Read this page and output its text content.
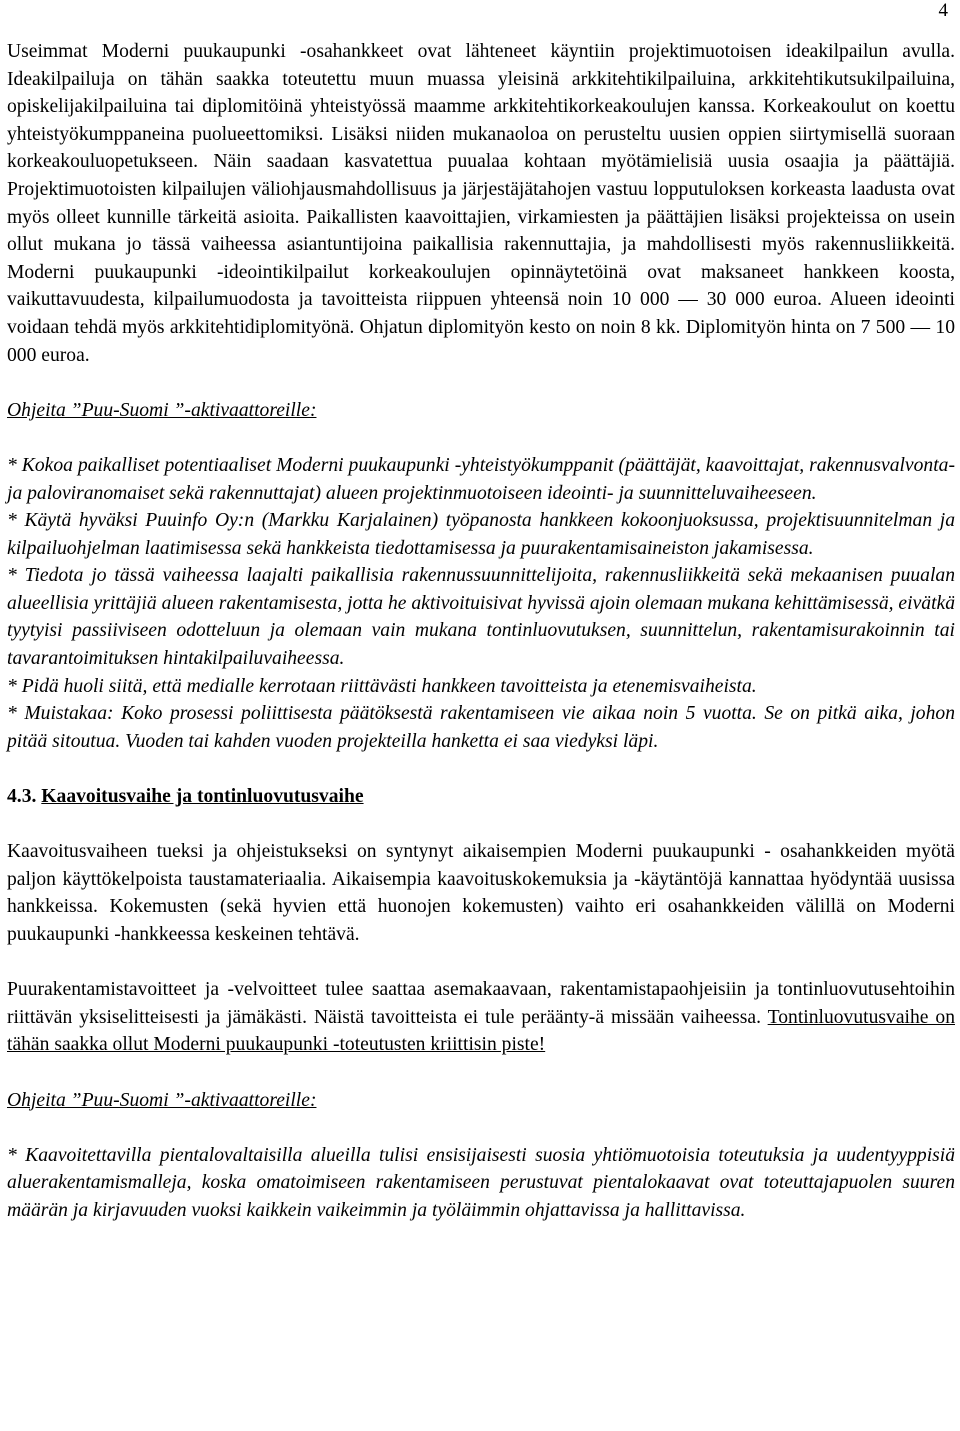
4

Useimmat Moderni puukaupunki -osahankkeet ovat lähteneet käyntiin projektimuotoisen ideakilpailun avulla. Ideakilpailuja on tähän saakka toteutettu muun muassa yleisinä arkkitehtikilpailuina, arkkitehtikutsukilpailuina, opiskelijakilpailuina tai diplomitöinä yhteistyössä maamme arkkitehtikorkeakoulujen kanssa. Korkeakoulut on koettu yhteistyökumppaneina puolueettomiksi. Lisäksi niiden mukanaoloa on perusteltu uusien oppien siirtymisellä suoraan korkeakouluopetukseen. Näin saadaan kasvatettua puualaa kohtaan myötämielisiä uusia osaajia ja päättäjiä. Projektimuotoisten kilpailujen väliohjausmahdollisuus ja järjestäjätahojen vastuu lopputuloksen korkeasta laadusta ovat myös olleet kunnille tärkeitä asioita. Paikallisten kaavoittajien, virkamiesten ja päättäjien lisäksi projekteissa on usein ollut mukana jo tässä vaiheessa asiantuntijoina paikallisia rakennuttajia, ja mahdollisesti myös rakennusliikkeitä. Moderni puukaupunki -ideointikilpailut korkeakoulujen opinnäytetöinä ovat maksaneet hankkeen koosta, vaikuttavuudesta, kilpailumuodosta ja tavoitteista riippuen yhteensä noin 10 000 — 30 000 euroa. Alueen ideointi voidaan tehdä myös arkkitehtidiplomityönä. Ohjatun diplomityön kesto on noin 8 kk. Diplomityön hinta on 7 500 — 10 000 euroa.

Ohjeita ”Puu-Suomi ”-aktivaattoreille:

* Kokoa paikalliset potentiaaliset Moderni puukaupunki -yhteistyökumppanit (päättäjät, kaavoittajat, rakennusvalvonta- ja paloviranomaiset sekä rakennuttajat) alueen projektinmuotoiseen ideointi- ja suunnitteluvaiheeseen.

* Käytä hyväksi Puuinfo Oy:n (Markku Karjalainen) työpanosta hankkeen kokoonjuoksussa, projektisuunnitelman ja kilpailuohjelman laatimisessa sekä hankkeista tiedottamisessa ja puurakentamisaineiston jakamisessa.

* Tiedota jo tässä vaiheessa laajalti paikallisia rakennussuunnittelijoita, rakennusliikkeitä sekä mekaanisen puualan alueellisia yrittäjiä alueen rakentamisesta, jotta he aktivoituisivat hyvissä ajoin olemaan mukana kehittämisessä, eivätkä tyytyisi passiiviseen odotteluun ja olemaan vain mukana tontinluovutuksen, suunnittelun, rakentamisurakoinnin tai tavarantoimituksen hintakilpailuvaiheessa.

* Pidä huoli siitä, että medialle kerrotaan riittävästi hankkeen tavoitteista ja etenemisvaiheista.

* Muistakaa: Koko prosessi poliittisesta päätöksestä rakentamiseen vie aikaa noin 5 vuotta. Se on pitkä aika, johon pitää sitoutua. Vuoden tai kahden vuoden projekteilla hanketta ei saa viedyksi läpi.

4.3. Kaavoitusvaihe ja tontinluovutusvaihe

Kaavoitusvaiheen tueksi ja ohjeistukseksi on syntynyt aikaisempien Moderni puukaupunki - osahankkeiden myötä paljon käyttökelpoista taustamateriaalia. Aikaisempia kaavoituskokemuksia ja -käytäntöjä kannattaa hyödyntää uusissa hankkeissa. Kokemusten (sekä hyvien että huonojen kokemusten) vaihto eri osahankkeiden välillä on Moderni puukaupunki -hankkeessa keskeinen tehtävä.

Puurakentamistavoitteet ja -velvoitteet tulee saattaa asemakaavaan, rakentamistapaohjeisiin ja tontinluovutusehtoihin riittävän yksiselitteisesti ja jämäkästi. Näistä tavoitteista ei tule peräänty-ä missään vaiheessa. Tontinluovutusvaihe on tähän saakka ollut Moderni puukaupunki -toteutusten kriittisin piste!

Ohjeita ”Puu-Suomi ”-aktivaattoreille:

* Kaavoitettavilla pientalovaltaisilla alueilla tulisi ensisijaisesti suosia yhtiömuotoisia toteutuksia ja uudentyyppisiä aluerakentamismalleja, koska omatoimiseen rakentamiseen perustuvat pientalokaavat ovat toteuttajapuolen suuren määrän ja kirjavuuden vuoksi kaikkein vaikeimmin ja työläimmin ohjattavissa ja hallittavissa.
